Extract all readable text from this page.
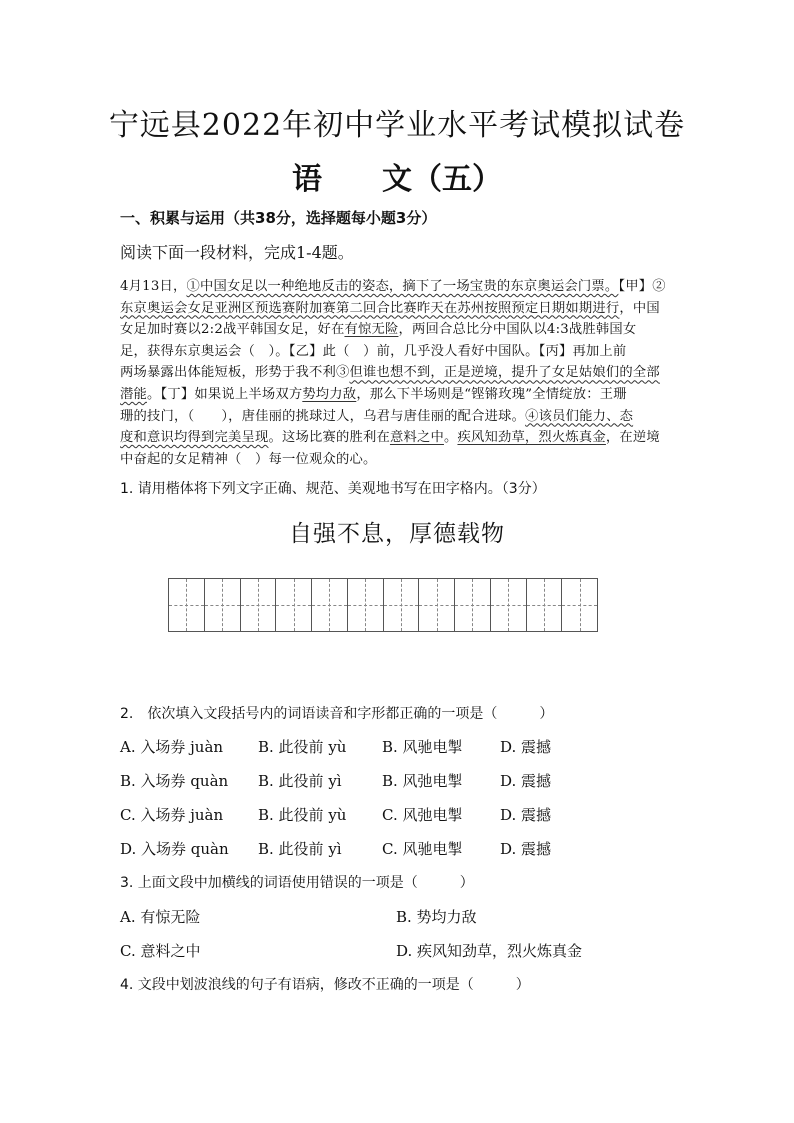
宁远县2022年初中学业水平考试模拟试卷
语　　文（五）
一、积累与运用（共38分，选择题每小题3分）
阅读下面一段材料，完成1-4题。
4月13日，①中国女足以一种绝地反击的姿态，摘下了一场宝贵的东京奥运会门票。【甲】②
东京奥运会女足亚洲区预选赛附加赛第二回合比赛昨天在苏州按照预定日期如期进行，中国
女足加时赛以2:2战平韩国女足，好在有惊无险，两回合总比分中国队以4:3战胜韩国女
足，获得东京奥运会（　）。【乙】此（　）前，几乎没人看好中国队。【丙】再加上前
两场暴露出体能短板，形势于我不利③但谁也想不到，正是逆境，提升了女足姑娘们的全部
潜能。【丁】如果说上半场双方势均力敌，那么下半场则是“铿锵玫瑰”全情绽放：王珊
珊的技门，（　　），唐佳丽的挑球过人，乌君与唐佳丽的配合进球。④该员们能力、态
度和意识均得到完美呈现。这场比赛的胜利在意料之中。疾风知劲草，烈火炼真金，在逆境
中奋起的女足精神（　）每一位观众的心。
1. 请用楷体将下列文字正确、规范、美观地书写在田字格内。（3分）
自强不息，厚德载物
2.　依次填入文段括号内的词语读音和字形都正确的一项是（　　　）
A. 入场券 juàn B. 此役前 yù B. 风驰电掣 D. 震撼
B. 入场券 quàn B. 此役前 yì	B. 风弛电掣 D. 震撼
C. 入场券 juàn B. 此役前 yù C. 风弛电掣	D. 震撼
D. 入场券 quàn B. 此役前 yì	C. 风驰电掣	D. 震撼
3. 上面文段中加横线的词语使用错误的一项是（　　　）
A. 有惊无险	B. 势均力敌
C. 意料之中	D. 疾风知劲草，烈火炼真金
4. 文段中划波浪线的句子有语病，修改不正确的一项是（　　　）
